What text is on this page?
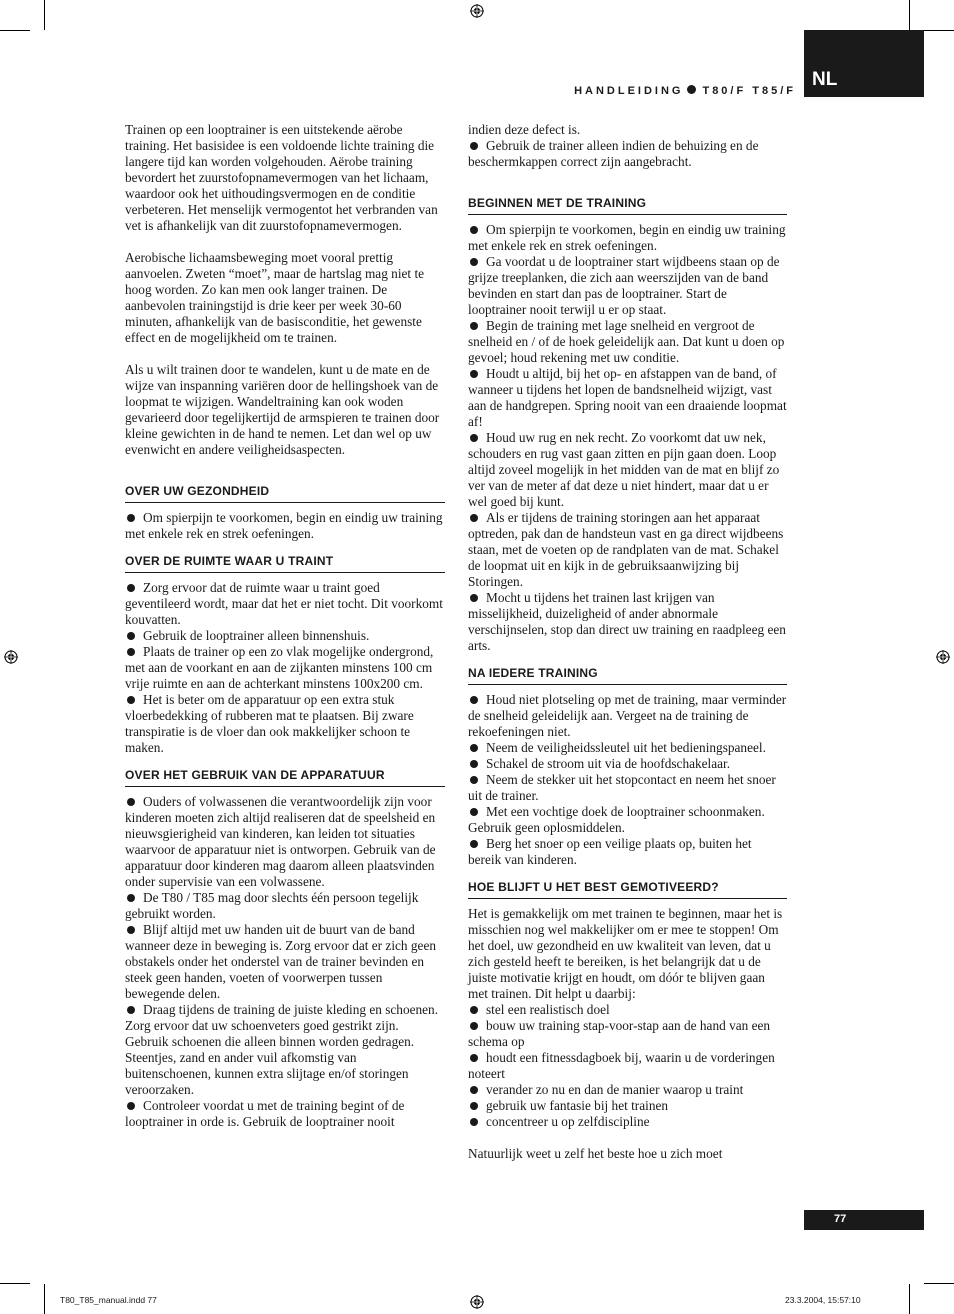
NL
HANDLEIDING T80/F T85/F

Trainen op een looptrainer is een uitstekende aërobe training. Het basisidee is een voldoende lichte training die langere tijd kan worden volgehouden. Aërobe training bevordert het zuurstofopnamevermogen van het lichaam, waardoor ook het uithoudingsvermogen en de conditie verbeteren. Het menselijk vermogentot het verbranden van vet is afhankelijk van dit zuurstofopnamevermogen.

Aerobische lichaamsbeweging moet vooral prettig aanvoelen. Zweten “moet”, maar de hartslag mag niet te hoog worden. Zo kan men ook langer trainen. De aanbevolen trainingstijd is drie keer per week 30-60 minuten, afhankelijk van de basisconditie, het gewenste effect en de mogelijkheid om te trainen.

Als u wilt trainen door te wandelen, kunt u de mate en de wijze van inspanning variëren door de hellingshoek van de loopmat te wijzigen. Wandeltraining kan ook woden gevarieerd door tegelijkertijd de armspieren te trainen door kleine gewichten in de hand te nemen. Let dan wel op uw evenwicht en andere veiligheidsaspecten.

OVER UW GEZONDHEID
Om spierpijn te voorkomen, begin en eindig uw training met enkele rek en strek oefeningen.
OVER DE RUIMTE WAAR U TRAINT
Zorg ervoor dat de ruimte waar u traint goed geventileerd wordt, maar dat het er niet tocht. Dit voorkomt kouvatten.
Gebruik de looptrainer alleen binnenshuis.
Plaats de trainer op een zo vlak mogelijke ondergrond, met aan de voorkant en aan de zijkanten minstens 100 cm vrije ruimte en aan de achterkant minstens 100x200 cm.
Het is beter om de apparatuur op een extra stuk vloerbedekking of rubberen mat te plaatsen. Bij zware transpiratie is de vloer dan ook makkelijker schoon te maken.
OVER HET GEBRUIK VAN DE APPARATUUR
Ouders of volwassenen die verantwoordelijk zijn voor kinderen moeten zich altijd realiseren dat de speelsheid en nieuwsgierigheid van kinderen, kan leiden tot situaties waarvoor de apparatuur niet is ontworpen. Gebruik van de apparatuur door kinderen mag daarom alleen plaatsvinden onder supervisie van een volwassene.
De T80 / T85 mag door slechts één persoon tegelijk gebruikt worden.
Blijf altijd met uw handen uit de buurt van de band wanneer deze in beweging is. Zorg ervoor dat er zich geen obstakels onder het onderstel van de trainer bevinden en steek geen handen, voeten of voorwerpen tussen bewegende delen.
Draag tijdens de training de juiste kleding en schoenen. Zorg ervoor dat uw schoenveters goed gestrikt zijn. Gebruik schoenen die alleen binnen worden gedragen. Steentjes, zand en ander vuil afkomstig van buitenschoenen, kunnen extra slijtage en/of storingen veroorzaken.
Controleer voordat u met de training begint of de looptrainer in orde is. Gebruik de looptrainer nooit

indien deze defect is.

Gebruik de trainer alleen indien de behuizing en de beschermkappen correct zijn aangebracht.
BEGINNEN MET DE TRAINING
Om spierpijn te voorkomen, begin en eindig uw training met enkele rek en strek oefeningen.
Ga voordat u de looptrainer start wijdbeens staan op de grijze treeplanken, die zich aan weerszijden van de band bevinden en start dan pas de looptrainer. Start de looptrainer nooit terwijl u er op staat.
Begin de training met lage snelheid en vergroot de snelheid en / of de hoek geleidelijk aan. Dat kunt u doen op gevoel; houd rekening met uw conditie.
Houdt u altijd, bij het op- en afstappen van de band, of wanneer u tijdens het lopen de bandsnelheid wijzigt, vast aan de handgrepen. Spring nooit van een draaiende loopmat af!
Houd uw rug en nek recht. Zo voorkomt dat uw nek, schouders en rug vast gaan zitten en pijn gaan doen. Loop altijd zoveel mogelijk in het midden van de mat en blijf zo ver van de meter af dat deze u niet hindert, maar dat u er wel goed bij kunt.
Als er tijdens de training storingen aan het apparaat optreden, pak dan de handsteun vast en ga direct wijdbeens staan, met de voeten op de randplaten van de mat. Schakel de loopmat uit en kijk in de gebruiksaanwijzing bij Storingen.
Mocht u tijdens het trainen last krijgen van misselijkheid, duizeligheid of ander abnormale verschijnselen, stop dan direct uw training en raadpleeg een arts.
NA IEDERE TRAINING
Houd niet plotseling op met de training, maar verminder de snelheid geleidelijk aan. Vergeet na de training de rekoefeningen niet.
Neem de veiligheidssleutel uit het bedieningspaneel.
Schakel de stroom uit via de hoofdschakelaar.
Neem de stekker uit het stopcontact en neem het snoer uit de trainer.
Met een vochtige doek de looptrainer schoonmaken. Gebruik geen oplosmiddelen.
Berg het snoer op een veilige plaats op, buiten het bereik van kinderen.
HOE BLIJFT U HET BEST GEMOTIVEERD?

Het is gemakkelijk om met trainen te beginnen, maar het is misschien nog wel makkelijker om er mee te stoppen! Om het doel, uw gezondheid en uw kwaliteit van leven, dat u zich gesteld heeft te bereiken, is het belangrijk dat u de juiste motivatie krijgt en houdt, om dóór te blijven gaan met trainen. Dit helpt u daarbij:

stel een realistisch doel
bouw uw training stap-voor-stap aan de hand van een schema op
houdt een fitnessdagboek bij, waarin u de vorderingen noteert
verander zo nu en dan de manier waarop u traint
gebruik uw fantasie bij het trainen
concentreer u op zelfdiscipline

Natuurlijk weet u zelf het beste hoe u zich moet

77
T80_T85_manual.indd 77	23.3.2004, 15:57:10
